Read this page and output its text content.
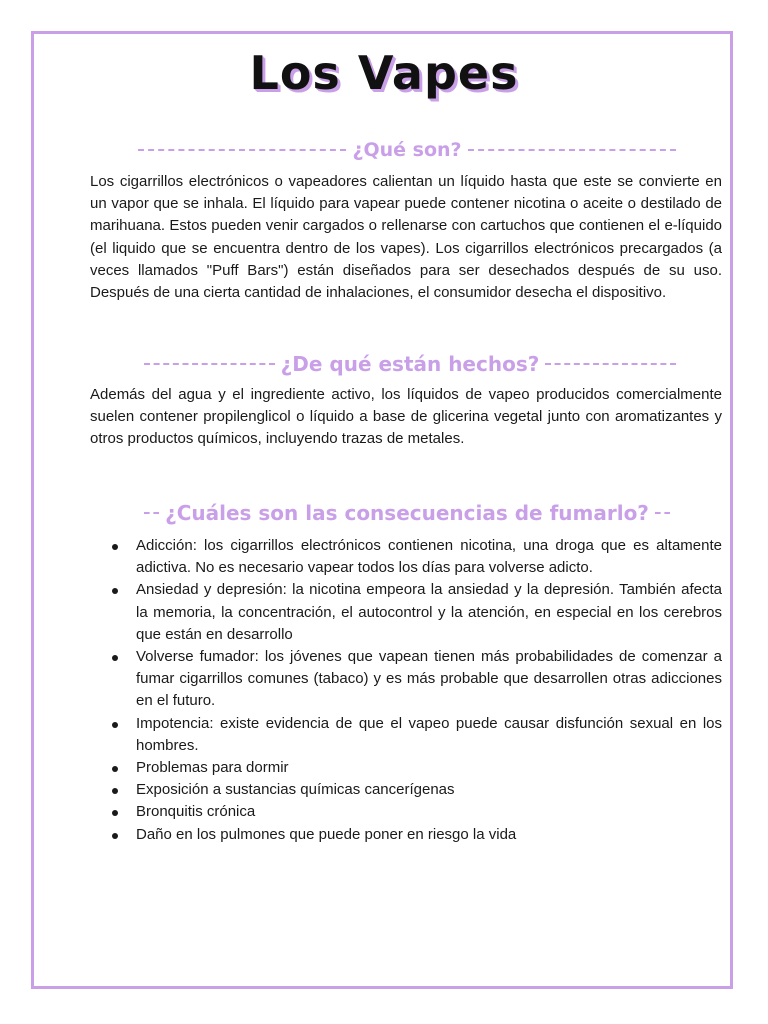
Los Vapes
¿Qué son?
Los cigarrillos electrónicos o vapeadores calientan un líquido hasta que este se convierte en un vapor que se inhala. El líquido para vapear puede contener nicotina o aceite o destilado de marihuana. Estos pueden venir cargados o rellenarse con cartuchos que contienen el e-líquido (el liquido que se encuentra dentro de los vapes). Los cigarrillos electrónicos precargados (a veces llamados "Puff Bars") están diseñados para ser desechados después de su uso. Después de una cierta cantidad de inhalaciones, el consumidor desecha el dispositivo.
¿De qué están hechos?
Además del agua y el ingrediente activo, los líquidos de vapeo producidos comercialmente suelen contener propilenglicol o líquido a base de glicerina vegetal junto con aromatizantes y otros productos químicos, incluyendo trazas de metales.
¿Cuáles son las consecuencias de fumarlo?
Adicción: los cigarrillos electrónicos contienen nicotina, una droga que es altamente adictiva. No es necesario vapear todos los días para volverse adicto.
Ansiedad y depresión: la nicotina empeora la ansiedad y la depresión. También afecta la memoria, la concentración, el autocontrol y la atención, en especial en los cerebros que están en desarrollo
Volverse fumador: los jóvenes que vapean tienen más probabilidades de comenzar a fumar cigarrillos comunes (tabaco) y es más probable que desarrollen otras adicciones en el futuro.
Impotencia: existe evidencia de que el vapeo puede causar disfunción sexual en los hombres.
Problemas para dormir
Exposición a sustancias químicas cancerígenas
Bronquitis crónica
Daño en los pulmones que puede poner en riesgo la vida
